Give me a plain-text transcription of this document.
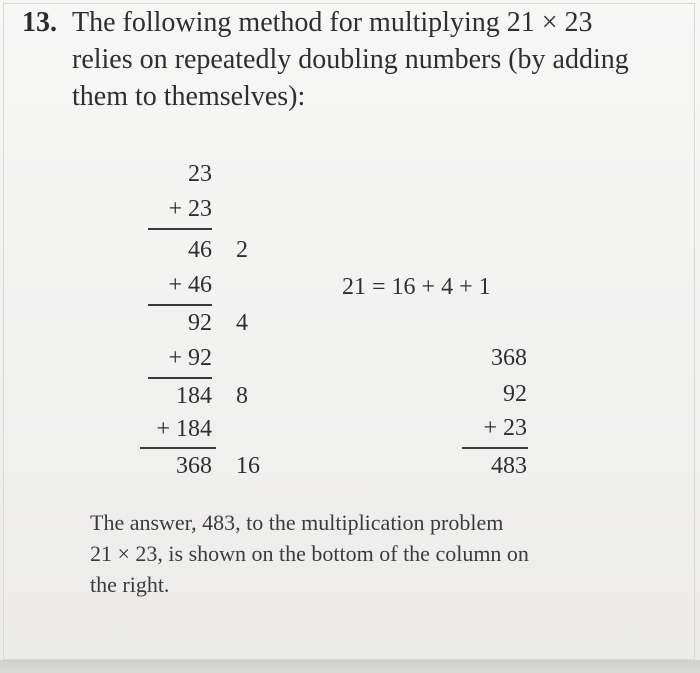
13. The following method for multiplying 21 × 23
relies on repeatedly doubling numbers (by adding
them to themselves):
23
+ 23
46
+ 46
92
+ 92
184
+ 184
368
2
4
8
16
21 = 16 + 4 + 1
368
92
+ 23
483
The answer, 483, to the multiplication problem
21 × 23, is shown on the bottom of the column on
the right.
